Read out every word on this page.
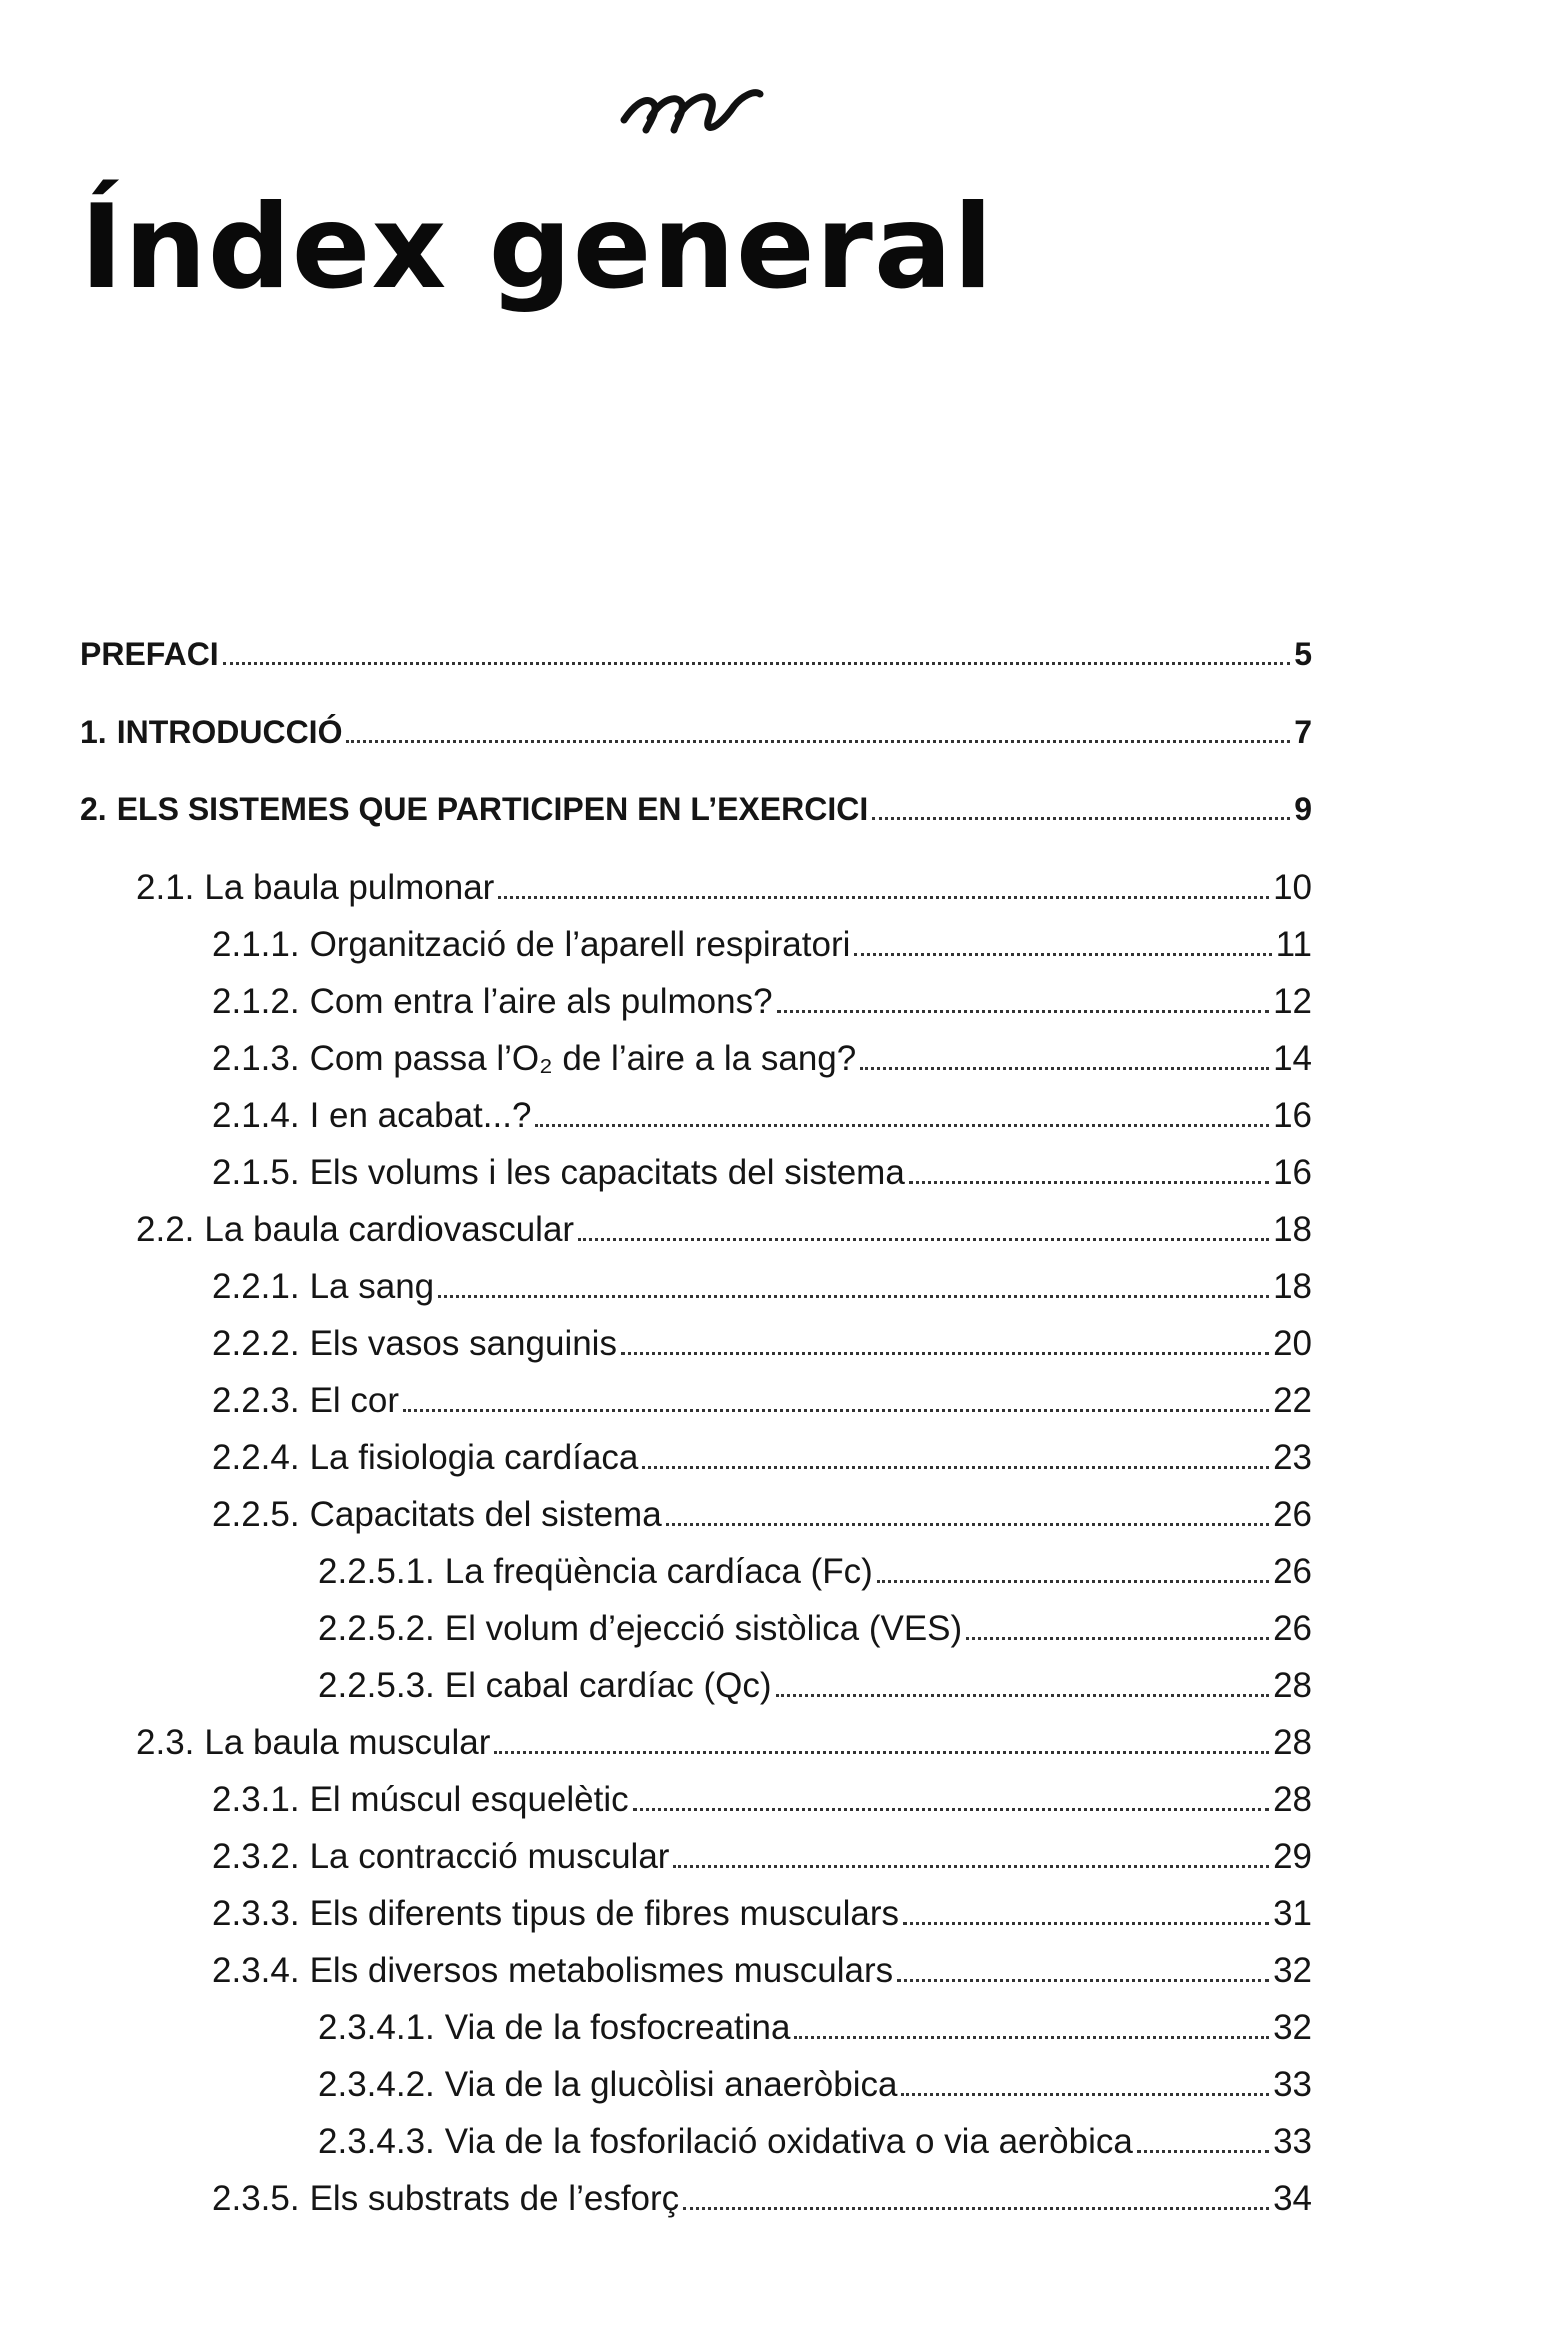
Índex general
PREFACI	5
1. INTRODUCCIÓ	7
2. ELS SISTEMES QUE PARTICIPEN EN L’EXERCICI	9
2.1. La baula pulmonar	10
2.1.1. Organització de l’aparell respiratori	11
2.1.2. Com entra l’aire als pulmons?	12
2.1.3. Com passa l’O₂ de l’aire a la sang?	14
2.1.4. I en acabat...?	16
2.1.5. Els volums i les capacitats del sistema	16
2.2. La baula cardiovascular	18
2.2.1. La sang	18
2.2.2. Els vasos sanguinis	20
2.2.3. El cor	22
2.2.4. La fisiologia cardíaca	23
2.2.5. Capacitats del sistema	26
2.2.5.1. La freqüència cardíaca (Fc)	26
2.2.5.2. El volum d’ejecció sistòlica (VES)	26
2.2.5.3. El cabal cardíac (Qc)	28
2.3. La baula muscular	28
2.3.1. El múscul esquelètic	28
2.3.2. La contracció muscular	29
2.3.3. Els diferents tipus de fibres musculars	31
2.3.4. Els diversos metabolismes musculars	32
2.3.4.1. Via de la fosfocreatina	32
2.3.4.2. Via de la glucòlisi anaeròbica	33
2.3.4.3. Via de la fosforilació oxidativa o via aeròbica	33
2.3.5. Els substrats de l’esforç	34
